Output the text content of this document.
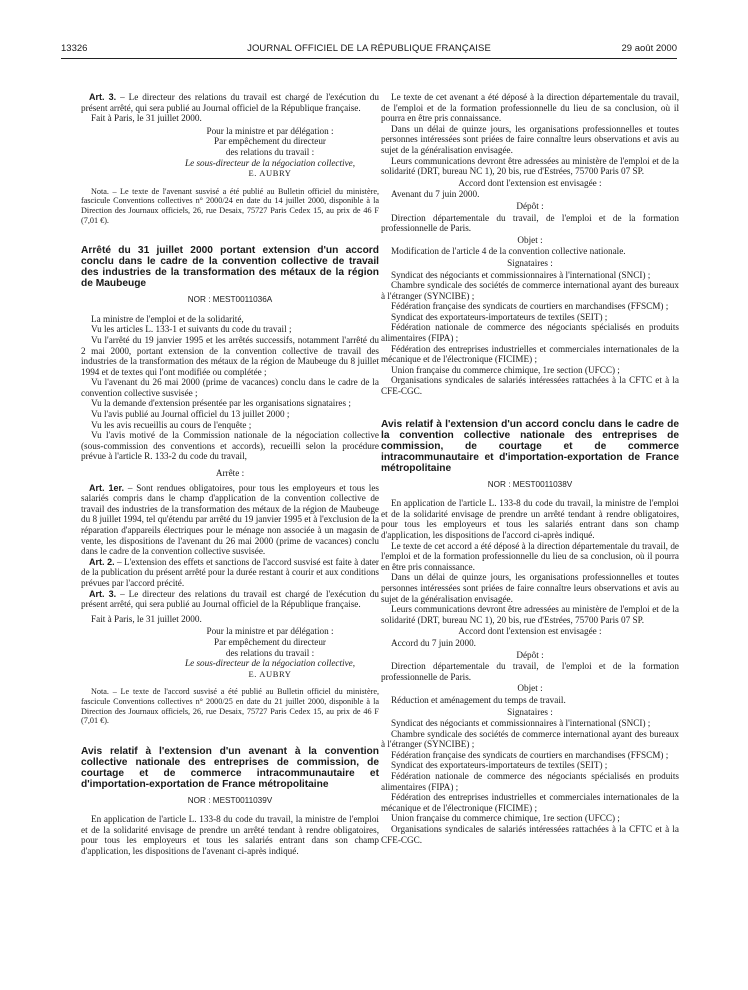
13326	JOURNAL OFFICIEL DE LA RÉPUBLIQUE FRANÇAISE	29 août 2000

Art. 3. – Le directeur des relations du travail est chargé de l'exécution du présent arrêté, qui sera publié au Journal officiel de la République française.

Fait à Paris, le 31 juillet 2000.

Pour la ministre et par délégation :
Par empêchement du directeur
des relations du travail :
Le sous-directeur de la négociation collective,
E. AUBRY

Nota. – Le texte de l'avenant susvisé a été publié au Bulletin officiel du ministère, fascicule Conventions collectives n° 2000/24 en date du 14 juillet 2000, disponible à la Direction des Journaux officiels, 26, rue Desaix, 75727 Paris Cedex 15, au prix de 46 F (7,01 €).

Arrêté du 31 juillet 2000 portant extension d'un accord conclu dans le cadre de la convention collective de travail des industries de la transformation des métaux de la région de Maubeuge

NOR : MEST0011036A

La ministre de l'emploi et de la solidarité,

Vu les articles L. 133-1 et suivants du code du travail ;

Vu l'arrêté du 19 janvier 1995 et les arrêtés successifs, notamment l'arrêté du 2 mai 2000, portant extension de la convention collective de travail des industries de la transformation des métaux de la région de Maubeuge du 8 juillet 1994 et de textes qui l'ont modifiée ou complétée ;

Vu l'avenant du 26 mai 2000 (prime de vacances) conclu dans le cadre de la convention collective susvisée ;

Vu la demande d'extension présentée par les organisations signataires ;

Vu l'avis publié au Journal officiel du 13 juillet 2000 ;

Vu les avis recueillis au cours de l'enquête ;

Vu l'avis motivé de la Commission nationale de la négociation collective (sous-commission des conventions et accords), recueilli selon la procédure prévue à l'article R. 133-2 du code du travail,

Arrête :

Art. 1er. – Sont rendues obligatoires, pour tous les employeurs et tous les salariés compris dans le champ d'application de la convention collective de travail des industries de la transformation des métaux de la région de Maubeuge du 8 juillet 1994, tel qu'étendu par arrêté du 19 janvier 1995 et à l'exclusion de la réparation d'appareils électriques pour le ménage non associée à un magasin de vente, les dispositions de l'avenant du 26 mai 2000 (prime de vacances) conclu dans le cadre de la convention collective susvisée.

Art. 2. – L'extension des effets et sanctions de l'accord susvisé est faite à dater de la publication du présent arrêté pour la durée restant à courir et aux conditions prévues par l'accord précité.

Art. 3. – Le directeur des relations du travail est chargé de l'exécution du présent arrêté, qui sera publié au Journal officiel de la République française.

Fait à Paris, le 31 juillet 2000.

Pour la ministre et par délégation :
Par empêchement du directeur
des relations du travail :
Le sous-directeur de la négociation collective,
E. AUBRY

Nota. – Le texte de l'accord susvisé a été publié au Bulletin officiel du ministère, fascicule Conventions collectives n° 2000/25 en date du 21 juillet 2000, disponible à la Direction des Journaux officiels, 26, rue Desaix, 75727 Paris Cedex 15, au prix de 46 F (7,01 €).

Avis relatif à l'extension d'un avenant à la convention collective nationale des entreprises de commission, de courtage et de commerce intracommunautaire et d'importation-exportation de France métropolitaine

NOR : MEST0011039V

En application de l'article L. 133-8 du code du travail, la ministre de l'emploi et de la solidarité envisage de prendre un arrêté tendant à rendre obligatoires, pour tous les employeurs et tous les salariés entrant dans son champ d'application, les dispositions de l'avenant ci-après indiqué.

Le texte de cet avenant a été déposé à la direction départementale du travail, de l'emploi et de la formation professionnelle du lieu de sa conclusion, où il pourra en être pris connaissance.

Dans un délai de quinze jours, les organisations professionnelles et toutes personnes intéressées sont priées de faire connaître leurs observations et avis au sujet de la généralisation envisagée.

Leurs communications devront être adressées au ministère de l'emploi et de la solidarité (DRT, bureau NC 1), 20 bis, rue d'Estrées, 75700 Paris 07 SP.

Accord dont l'extension est envisagée :

Avenant du 7 juin 2000.

Dépôt :

Direction départementale du travail, de l'emploi et de la formation professionnelle de Paris.

Objet :

Modification de l'article 4 de la convention collective nationale.

Signataires :

Syndicat des négociants et commissionnaires à l'international (SNCI) ;

Chambre syndicale des sociétés de commerce international ayant des bureaux à l'étranger (SYNCIBE) ;

Fédération française des syndicats de courtiers en marchandises (FFSCM) ;

Syndicat des exportateurs-importateurs de textiles (SEIT) ;

Fédération nationale de commerce des négociants spécialisés en produits alimentaires (FIPA) ;

Fédération des entreprises industrielles et commerciales internationales de la mécanique et de l'électronique (FICIME) ;

Union française du commerce chimique, 1re section (UFCC) ;

Organisations syndicales de salariés intéressées rattachées à la CFTC et à la CFE-CGC.

Avis relatif à l'extension d'un accord conclu dans le cadre de la convention collective nationale des entreprises de commission, de courtage et de commerce intracommunautaire et d'importation-exportation de France métropolitaine

NOR : MEST0011038V

En application de l'article L. 133-8 du code du travail, la ministre de l'emploi et de la solidarité envisage de prendre un arrêté tendant à rendre obligatoires, pour tous les employeurs et tous les salariés entrant dans son champ d'application, les dispositions de l'accord ci-après indiqué.

Le texte de cet accord a été déposé à la direction départementale du travail, de l'emploi et de la formation professionnelle du lieu de sa conclusion, où il pourra en être pris connaissance.

Dans un délai de quinze jours, les organisations professionnelles et toutes personnes intéressées sont priées de faire connaître leurs observations et avis au sujet de la généralisation envisagée.

Leurs communications devront être adressées au ministère de l'emploi et de la solidarité (DRT, bureau NC 1), 20 bis, rue d'Estrées, 75700 Paris 07 SP.

Accord dont l'extension est envisagée :

Accord du 7 juin 2000.

Dépôt :

Direction départementale du travail, de l'emploi et de la formation professionnelle de Paris.

Objet :

Réduction et aménagement du temps de travail.

Signataires :

Syndicat des négociants et commissionnaires à l'international (SNCI) ;

Chambre syndicale des sociétés de commerce international ayant des bureaux à l'étranger (SYNCIBE) ;

Fédération française des syndicats de courtiers en marchandises (FFSCM) ;

Syndicat des exportateurs-importateurs de textiles (SEIT) ;

Fédération nationale de commerce des négociants spécialisés en produits alimentaires (FIPA) ;

Fédération des entreprises industrielles et commerciales internationales de la mécanique et de l'électronique (FICIME) ;

Union française du commerce chimique, 1re section (UFCC) ;

Organisations syndicales de salariés intéressées rattachées à la CFTC et à la CFE-CGC.
